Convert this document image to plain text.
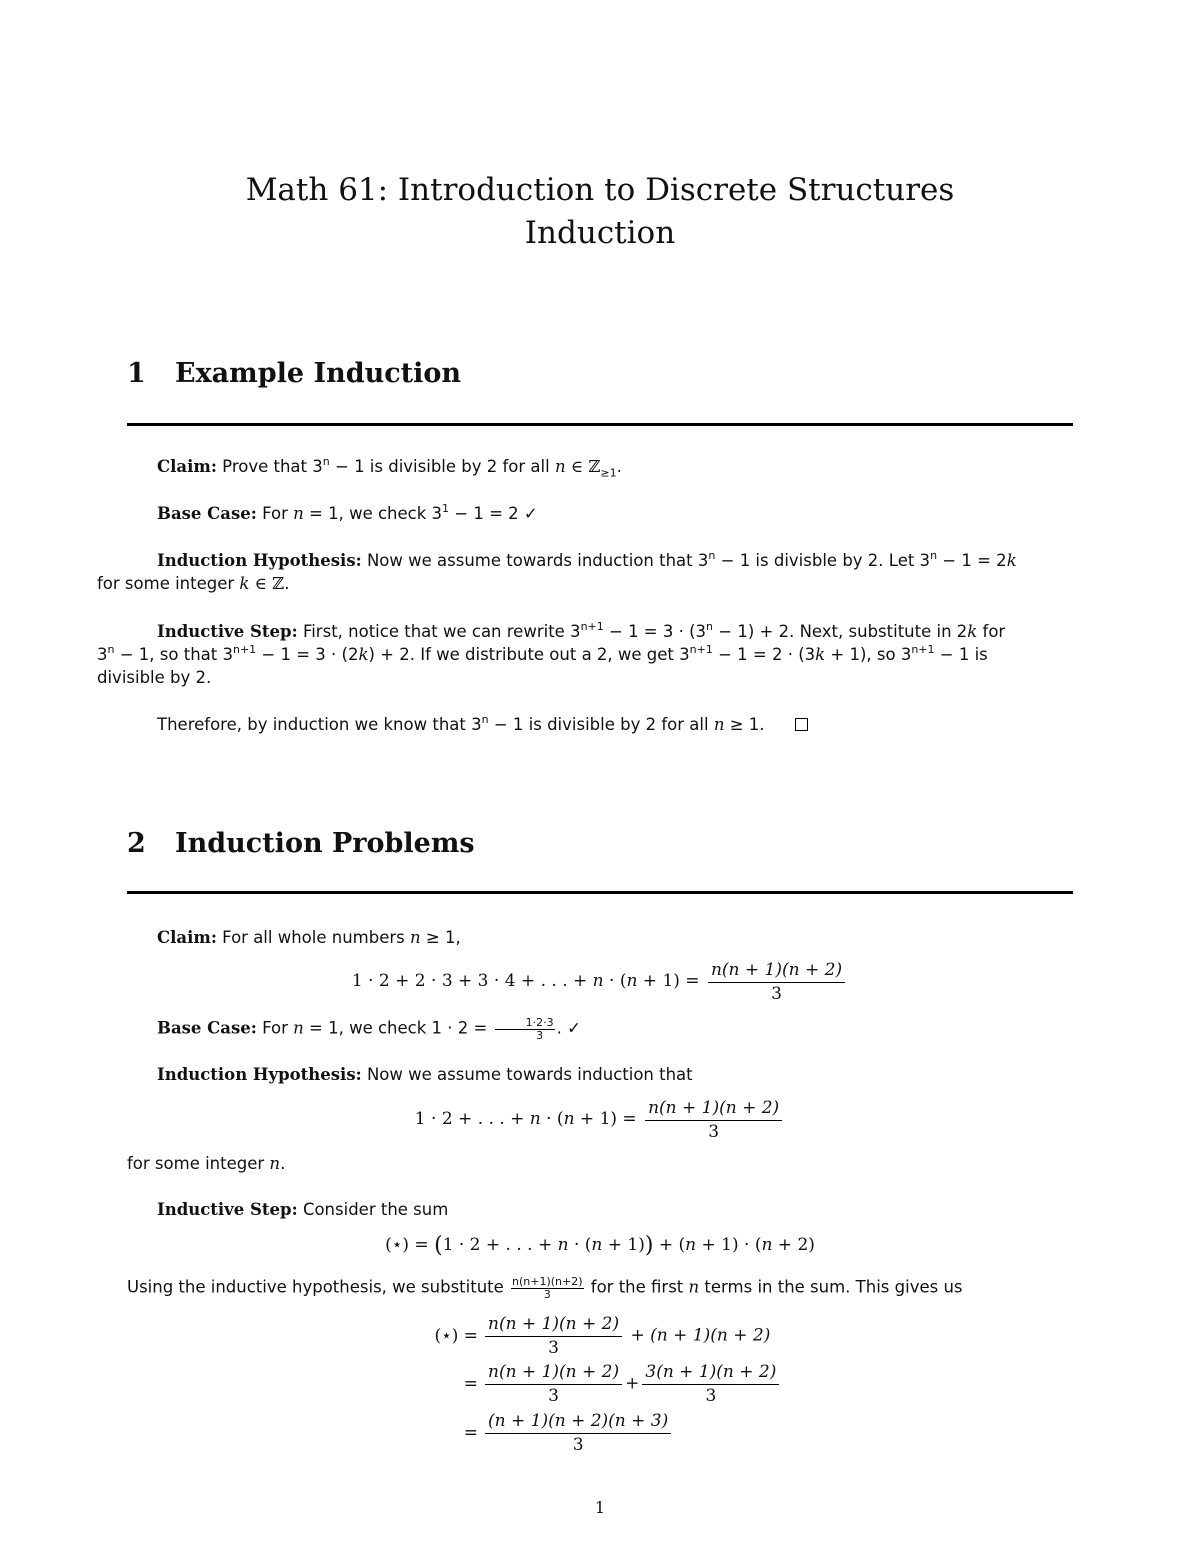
Math 61: Introduction to Discrete Structures
Induction
1 Example Induction
Claim: Prove that $3^n - 1$ is divisible by 2 for all n ∈ ℤ$_{\ge 1}$.
Base Case: For n = 1, we check $3^1 - 1 = 2$ ✓
Induction Hypothesis: Now we assume towards induction that $3^n - 1$ is divisble by 2. Let $3^n - 1 = 2k$
for some integer k ∈ ℤ.
Inductive Step: First, notice that we can rewrite $3^{n+1} - 1 = 3 \cdot (3^n - 1) + 2$. Next, substitute in 2k for
$3^n - 1$, so that $3^{n+1} - 1 = 3 \cdot (2k) + 2$. If we distribute out a 2, we get $3^{n+1} - 1 = 2 \cdot (3k + 1)$, so $3^{n+1} - 1$ is
divisible by 2.
Therefore, by induction we know that $3^n - 1$ is divisible by 2 for all n ≥ 1.
2 Induction Problems
Claim: For all whole numbers n ≥ 1,
1 · 2 + 2 · 3 + 3 · 4 + . . . + $n \cdot (n + 1) = \frac{n(n + 1)(n + 2)}{3}$
Base Case: For n = 1, we check $1 \cdot 2 = \frac{1\cdot 2\cdot 3}{3}$ . ✓
Induction Hypothesis: Now we assume towards induction that
1 · 2 + . . . + $n \cdot (n + 1) = \frac{n(n + 1)(n + 2)}{3}$
for some integer n.
Inductive Step: Consider the sum
(⋆) = (1 · 2 + . . . + n · (n + 1)) + (n + 1) · (n + 2)
Using the inductive hypothesis, we substitute $\frac{n(n+1)(n+2)}{3}$ for the first n terms in the sum. This gives us
(⋆) = $\frac{n(n + 1)(n + 2)}{3} + (n + 1)(n + 2)$
= $\frac{n(n + 1)(n + 2)}{3} + \frac{3(n + 1)(n + 2)}{3}$
= $\frac{(n + 1)(n + 2)(n + 3)}{3}$
1
